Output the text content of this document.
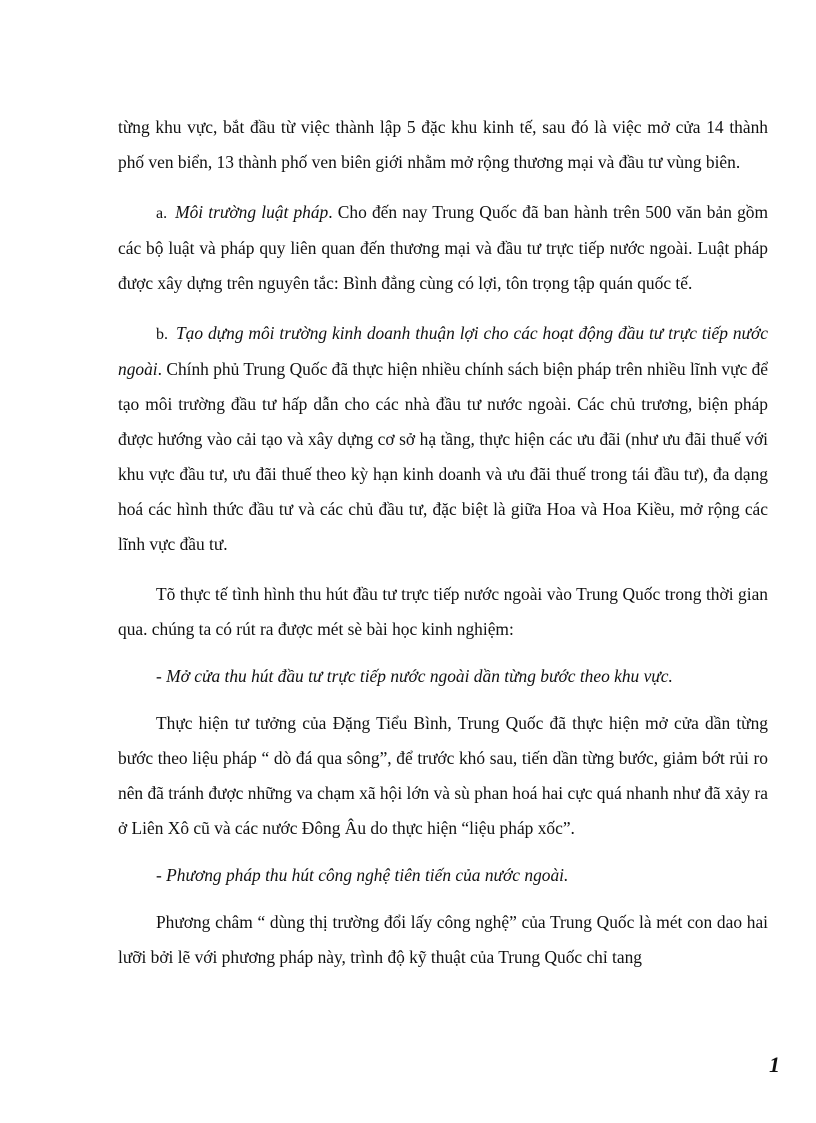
từng khu vực, bắt đầu từ việc thành lập 5 đặc khu kinh tế, sau đó là việc mở cửa 14 thành phố ven biển, 13 thành phố ven biên giới nhằm mở rộng thương mại và đầu tư vùng biên.

a. Môi trường luật pháp. Cho đến nay Trung Quốc đã ban hành trên 500 văn bản gồm các bộ luật và pháp quy liên quan đến thương mại và đầu tư trực tiếp nước ngoài. Luật pháp được xây dựng trên nguyên tắc: Bình đẳng cùng có lợi, tôn trọng tập quán quốc tế.

b. Tạo dựng môi trường kinh doanh thuận lợi cho các hoạt động đầu tư trực tiếp nước ngoài. Chính phủ Trung Quốc đã thực hiện nhiều chính sách biện pháp trên nhiều lĩnh vực để tạo môi trường đầu tư hấp dẫn cho các nhà đầu tư nước ngoài. Các chủ trương, biện pháp được hướng vào cải tạo và xây dựng cơ sở hạ tầng, thực hiện các ưu đãi (như ưu đãi thuế với khu vực đầu tư, ưu đãi thuế theo kỳ hạn kinh doanh và ưu đãi thuế trong tái đầu tư), đa dạng hoá các hình thức đầu tư và các chủ đầu tư, đặc biệt là giữa Hoa và Hoa Kiều, mở rộng các lĩnh vực đầu tư.

Tõ thực tế tình hình thu hút đầu tư trực tiếp nước ngoài vào Trung Quốc trong thời gian qua. chúng ta có rút ra được mét sè bài học kinh nghiệm:

- Mở cửa thu hút đầu tư trực tiếp nước ngoài dần từng bước theo khu vực.

Thực hiện tư tưởng của Đặng Tiểu Bình, Trung Quốc đã thực hiện mở cửa dần từng bước theo liệu pháp “ dò đá qua sông”, để trước khó sau, tiến dần từng bước, giảm bớt rủi ro nên đã tránh được những va chạm xã hội lớn và sù phan hoá hai cực quá nhanh như đã xảy ra ở Liên Xô cũ và các nước Đông Âu do thực hiện “liệu pháp xốc”.

- Phương pháp thu hút công nghệ tiên tiến của nước ngoài.

Phương châm “ dùng thị trường đổi lấy công nghệ” của Trung Quốc là mét con dao hai lưỡi bởi lẽ với phương pháp này, trình độ kỹ thuật của Trung Quốc chỉ tang

1
